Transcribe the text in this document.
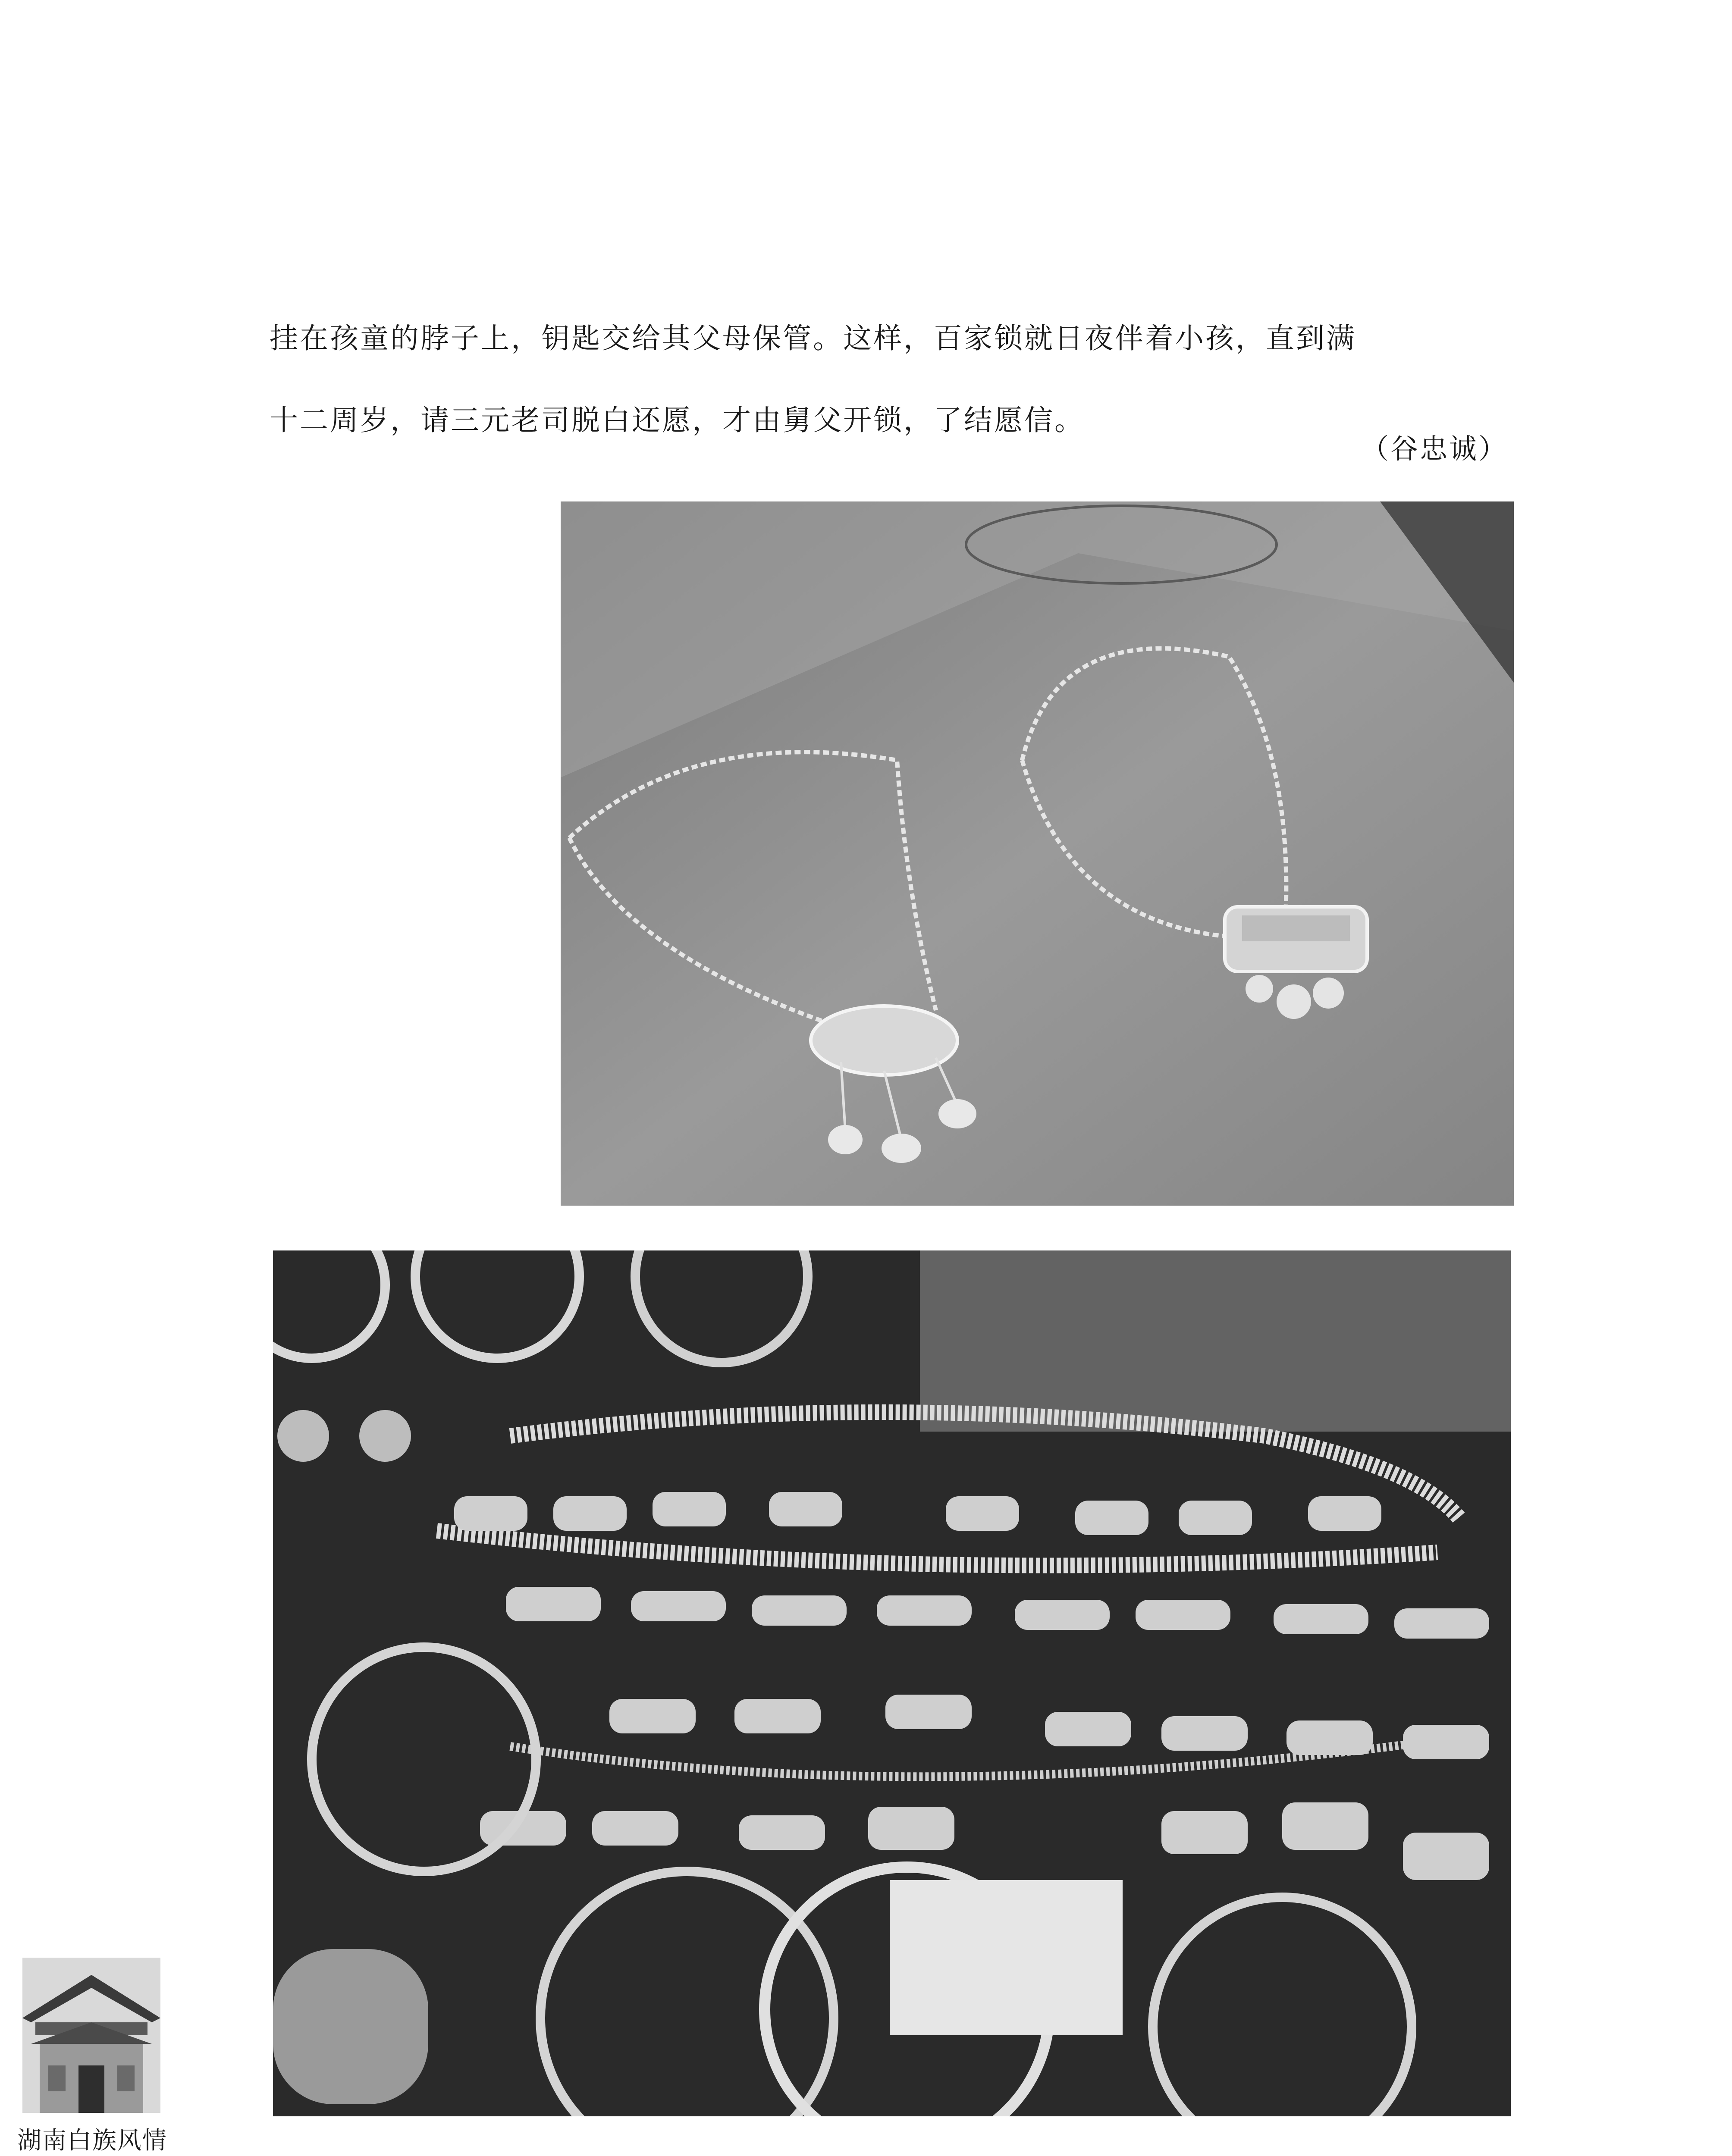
挂在孩童的脖子上，钥匙交给其父母保管。这样，百家锁就日夜伴着小孩，直到满

十二周岁，请三元老司脱白还愿，才由舅父开锁，了结愿信。

（谷忠诚）
湖南白族风情
